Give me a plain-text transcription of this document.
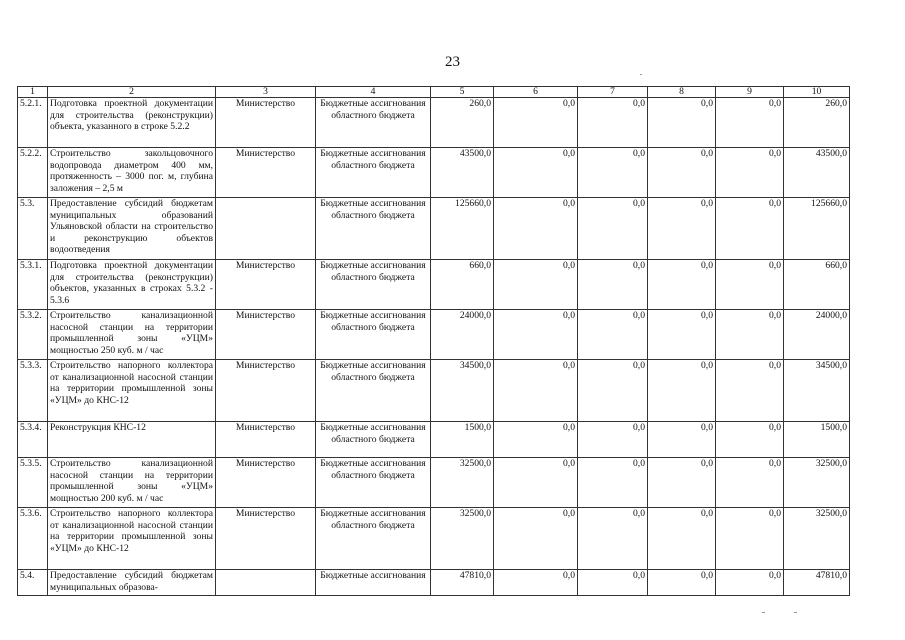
23
1	2	3	4	5	6	7	8	9	10
5.2.1.	Подготовка проектной документации для строительства (реконструкции) объекта, указанного в строке 5.2.2	Министерство	Бюджетные ассигнования областного бюджета	260,0	0,0	0,0	0,0	0,0	260,0
5.2.2.	Строительство закольцовочного водопровода диаметром 400 мм, протяженность – 3000 пог. м, глубина заложения – 2,5 м	Министерство	Бюджетные ассигнования областного бюджета	43500,0	0,0	0,0	0,0	0,0	43500,0
5.3.	Предоставление субсидий бюджетам муниципальных образований Ульяновской области на строительство и реконструкцию объектов водоотведения		Бюджетные ассигнования областного бюджета	125660,0	0,0	0,0	0,0	0,0	125660,0
5.3.1.	Подготовка проектной документации для строительства (реконструкции) объектов, указанных в строках 5.3.2 - 5.3.6	Министерство	Бюджетные ассигнования областного бюджета	660,0	0,0	0,0	0,0	0,0	660,0
5.3.2.	Строительство канализационной насосной станции на территории промышленной зоны «УЦМ» мощностью 250 куб. м / час	Министерство	Бюджетные ассигнования областного бюджета	24000,0	0,0	0,0	0,0	0,0	24000,0
5.3.3.	Строительство напорного коллектора от канализационной насосной станции на территории промышленной зоны «УЦМ» до КНС-12	Министерство	Бюджетные ассигнования областного бюджета	34500,0	0,0	0,0	0,0	0,0	34500,0
5.3.4.	Реконструкция КНС-12	Министерство	Бюджетные ассигнования областного бюджета	1500,0	0,0	0,0	0,0	0,0	1500,0
5.3.5.	Строительство канализационной насосной станции на территории промышленной зоны «УЦМ» мощностью 200 куб. м / час	Министерство	Бюджетные ассигнования областного бюджета	32500,0	0,0	0,0	0,0	0,0	32500,0
5.3.6.	Строительство напорного коллектора от канализационной насосной станции на территории промышленной зоны «УЦМ» до КНС-12	Министерство	Бюджетные ассигнования областного бюджета	32500,0	0,0	0,0	0,0	0,0	32500,0
5.4.	Предоставление субсидий бюджетам муниципальных образова-		Бюджетные ассигнования	47810,0	0,0	0,0	0,0	0,0	47810,0
